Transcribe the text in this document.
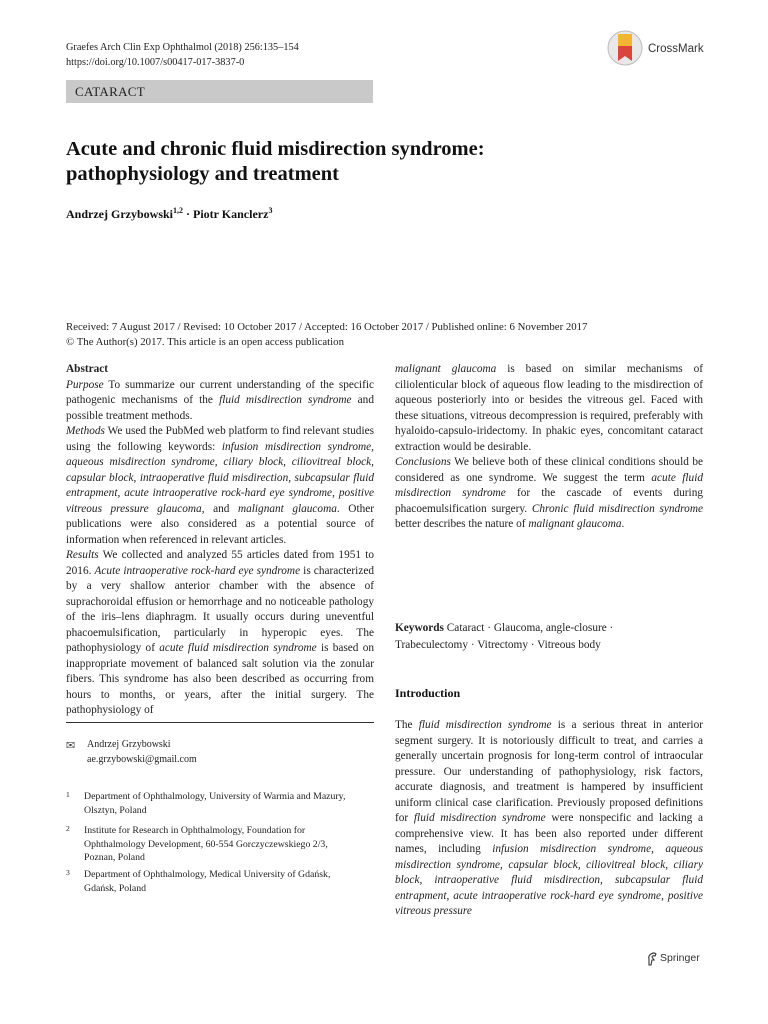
Graefes Arch Clin Exp Ophthalmol (2018) 256:135–154
https://doi.org/10.1007/s00417-017-3837-0
CrossMark
CATARACT
Acute and chronic fluid misdirection syndrome:
pathophysiology and treatment
Andrzej Grzybowski$^{1,2}$ · Piotr Kanclerz$^3$
Received: 7 August 2017 / Revised: 10 October 2017 / Accepted: 16 October 2017 / Published online: 6 November 2017
© The Author(s) 2017. This article is an open access publication

Abstract

Purpose To summarize our current understanding of the specific pathogenic mechanisms of the fluid misdirection syndrome and possible treatment methods.

Methods We used the PubMed web platform to find relevant studies using the following keywords: infusion misdirection syndrome, aqueous misdirection syndrome, ciliary block, ciliovitreal block, capsular block, intraoperative fluid misdirection, subcapsular fluid entrapment, acute intraoperative rock-hard eye syndrome, positive vitreous pressure glaucoma, and malignant glaucoma. Other publications were also considered as a potential source of information when referenced in relevant articles.

Results We collected and analyzed 55 articles dated from 1951 to 2016. Acute intraoperative rock-hard eye syndrome is characterized by a very shallow anterior chamber with the absence of suprachoroidal effusion or hemorrhage and no noticeable pathology of the iris–lens diaphragm. It usually occurs during uneventful phacoemulsification, particularly in hyperopic eyes. The pathophysiology of acute fluid misdirection syndrome is based on inappropriate movement of balanced salt solution via the zonular fibers. This syndrome has also been described as occurring from hours to months, or years, after the initial surgery. The pathophysiology of

malignant glaucoma is based on similar mechanisms of ciliolenticular block of aqueous flow leading to the misdirection of aqueous posteriorly into or besides the vitreous gel. Faced with these situations, vitreous decompression is required, preferably with hyaloido-capsulo-iridectomy. In phakic eyes, concomitant cataract extraction would be desirable.

Conclusions We believe both of these clinical conditions should be considered as one syndrome. We suggest the term acute fluid misdirection syndrome for the cascade of events during phacoemulsification surgery. Chronic fluid misdirection syndrome better describes the nature of malignant glaucoma.

Keywords Cataract · Glaucoma, angle-closure ·
Trabeculectomy · Vitrectomy · Vitreous body
Introduction

The fluid misdirection syndrome is a serious threat in anterior segment surgery. It is notoriously difficult to treat, and carries a generally uncertain prognosis for long-term control of intraocular pressure. Our understanding of pathophysiology, risk factors, accurate diagnosis, and treatment is hampered by insufficient uniform clinical case clarification. Previously proposed definitions for fluid misdirection syndrome were nonspecific and lacking a comprehensive view. It has been also reported under different names, including infusion misdirection syndrome, aqueous misdirection syndrome, capsular block, ciliovitreal block, ciliary block, intraoperative fluid misdirection, subcapsular fluid entrapment, acute intraoperative rock-hard eye syndrome, positive vitreous pressure

✉ Andrzej Grzybowski
ae.grzybowski@gmail.com
1 Department of Ophthalmology, University of Warmia and Mazury,
Olsztyn, Poland
2 Institute for Research in Ophthalmology, Foundation for
Ophthalmology Development, 60-554 Gorczyczewskiego 2/3,
Poznan, Poland
3 Department of Ophthalmology, Medical University of Gdańsk,
Gdańsk, Poland
Springer
